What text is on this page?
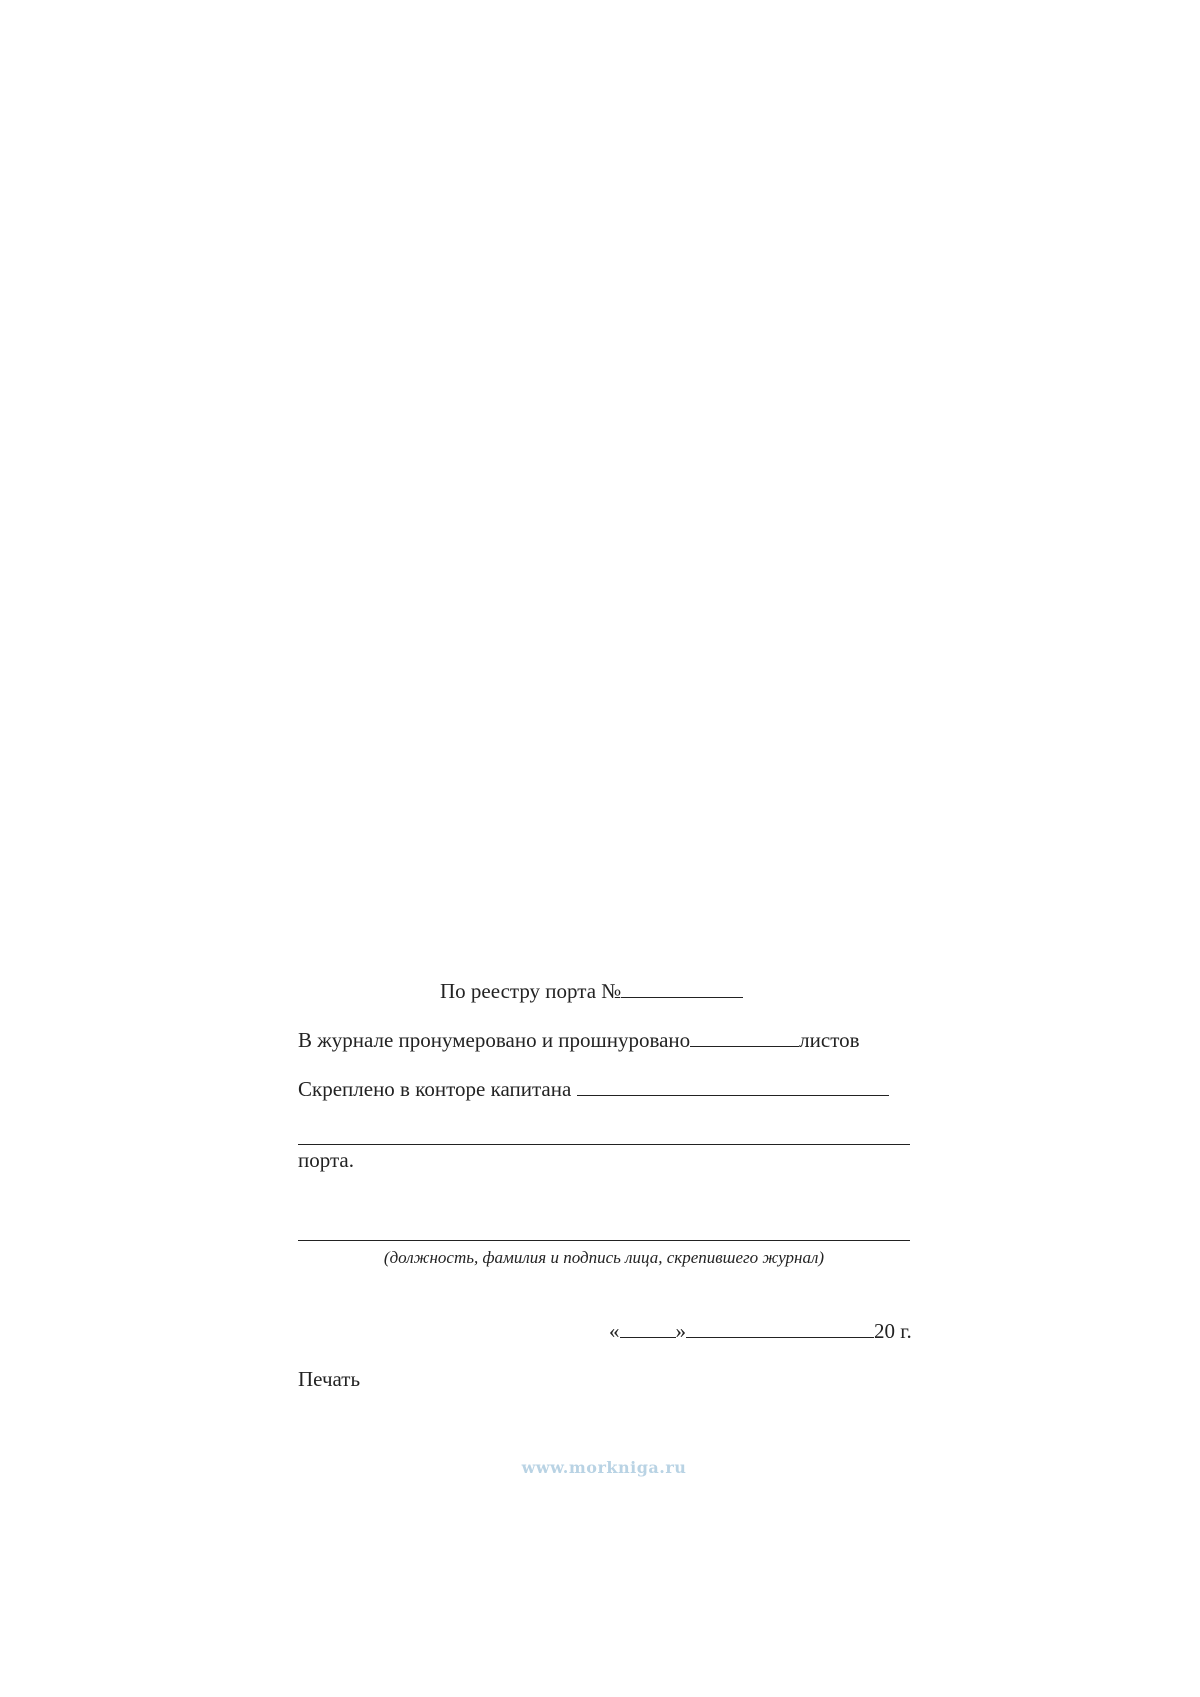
По реестру порта №
В журнале пронумеровано и прошнуровано	листов
Скреплено в конторе капитана
порта.
(должность, фамилия и подпись лица, скрепившего журнал)
«	»	20 г.
Печать
www.morkniga.ru
